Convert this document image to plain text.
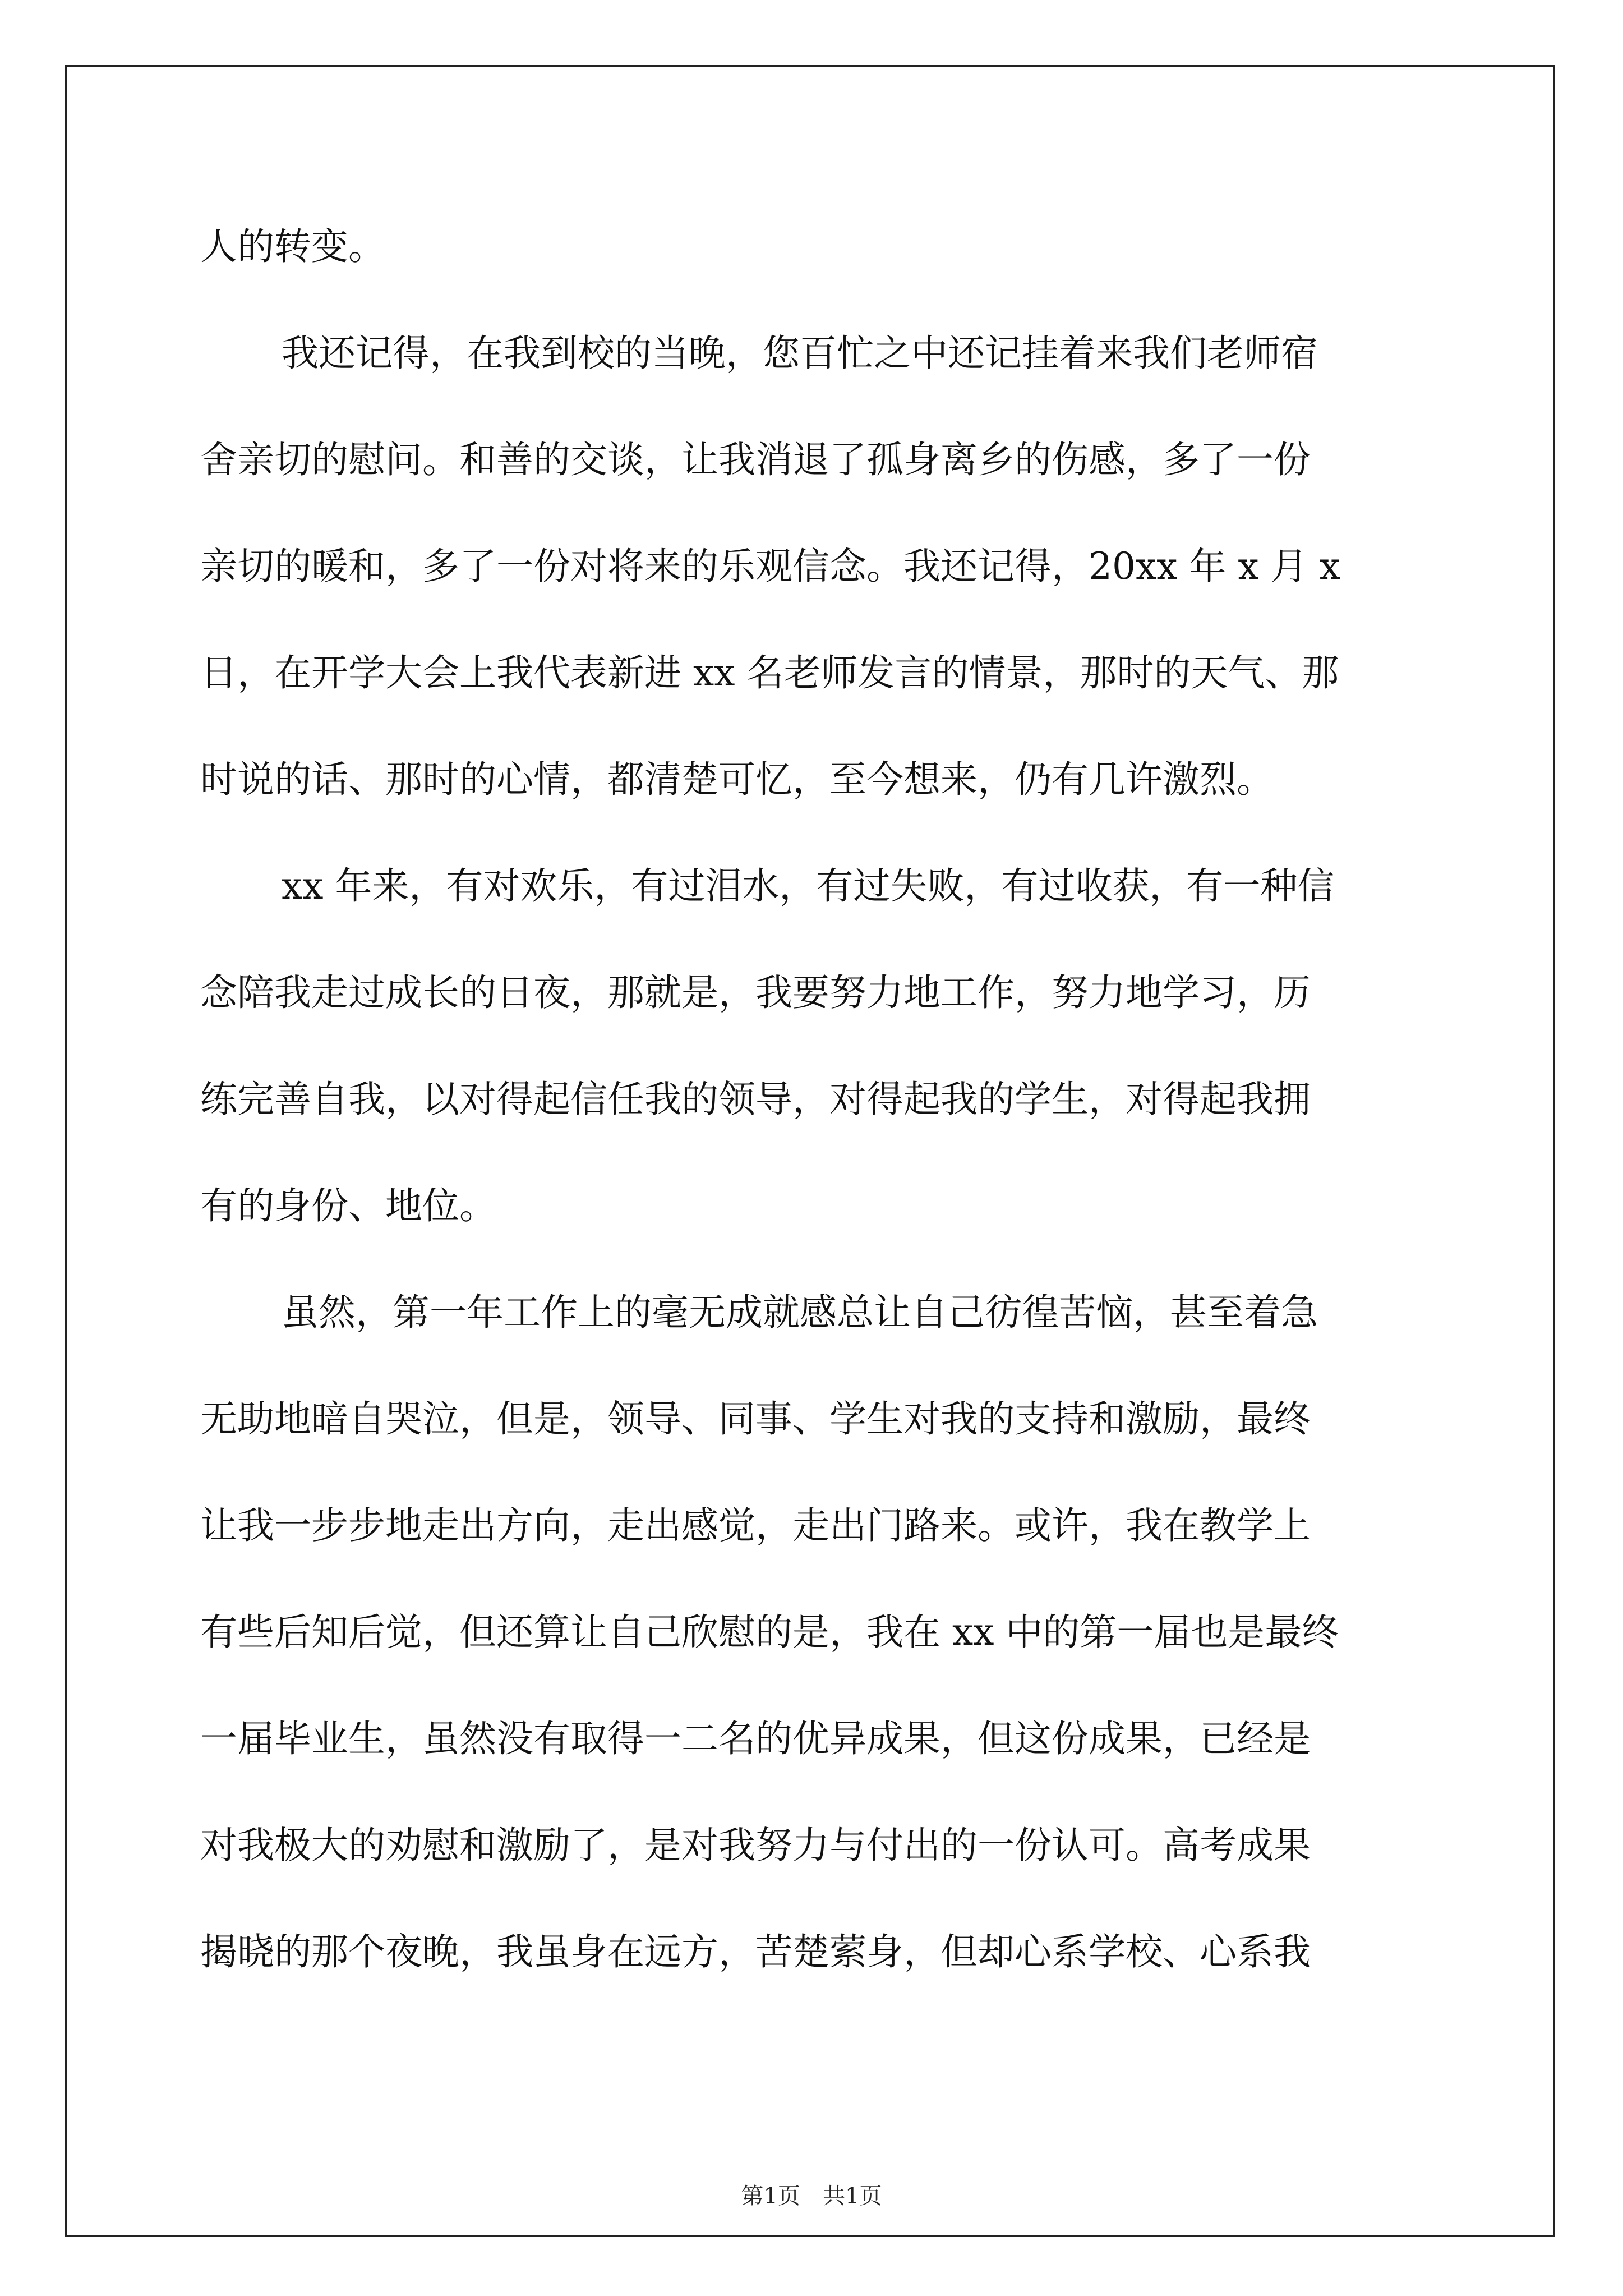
人的转变。
我还记得，在我到校的当晚，您百忙之中还记挂着来我们老师宿
舍亲切的慰问。和善的交谈，让我消退了孤身离乡的伤感，多了一份
亲切的暖和，多了一份对将来的乐观信念。我还记得，20xx 年 x 月 x
日，在开学大会上我代表新进 xx 名老师发言的情景，那时的天气、那
时说的话、那时的心情，都清楚可忆，至今想来，仍有几许激烈。
xx 年来，有对欢乐，有过泪水，有过失败，有过收获，有一种信
念陪我走过成长的日夜，那就是，我要努力地工作，努力地学习，历
练完善自我，以对得起信任我的领导，对得起我的学生，对得起我拥
有的身份、地位。
虽然，第一年工作上的毫无成就感总让自己彷徨苦恼，甚至着急
无助地暗自哭泣，但是，领导、同事、学生对我的支持和激励，最终
让我一步步地走出方向，走出感觉，走出门路来。或许，我在教学上
有些后知后觉，但还算让自己欣慰的是，我在 xx 中的第一届也是最终
一届毕业生，虽然没有取得一二名的优异成果，但这份成果，已经是
对我极大的劝慰和激励了，是对我努力与付出的一份认可。高考成果
揭晓的那个夜晚，我虽身在远方，苦楚萦身，但却心系学校、心系我
第1页 共1页
